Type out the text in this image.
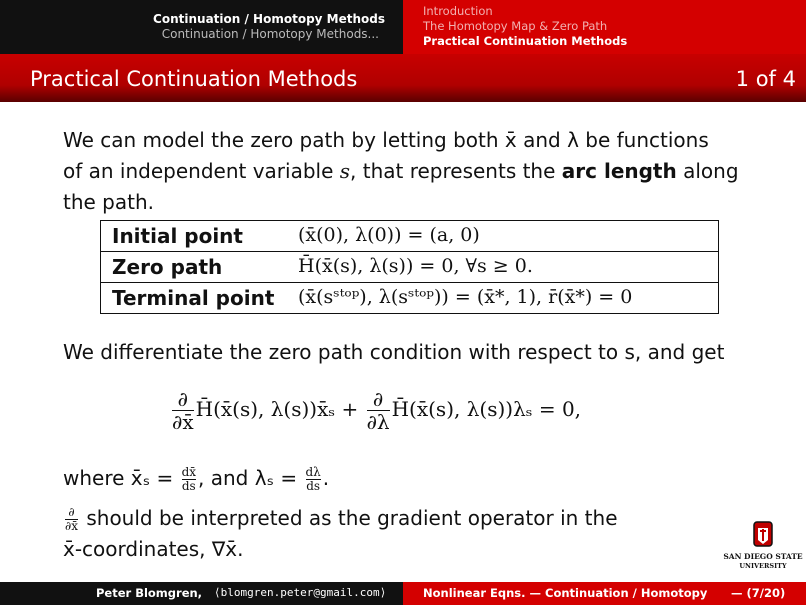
Continuation / Homotopy Methods
Continuation / Homotopy Methods...
Introduction
The Homotopy Map & Zero Path
Practical Continuation Methods
Practical Continuation Methods	1 of 4
We can model the zero path by letting both x̄ and λ be functions
of an independent variable s, that represents the arc length along
the path.
Initial point	(x̄(0), λ(0)) = (a, 0)
Zero path	H̄(x̄(s), λ(s)) = 0, ∀s ≥ 0.
Terminal point (x̄(sˢᵗᵒᵖ), λ(sˢᵗᵒᵖ)) = (x̄*, 1), r̄(x̄*) = 0
We differentiate the zero path condition with respect to s, and get
$\frac{\partial}{\partial x̄}$ H̄(x̄(s), λ(s))x̄ₛ + $\frac{\partial}{\partial\lambda}$ H̄(x̄(s), λ(s))λₛ = 0,
where x̄ₛ = $\frac{dx̄}{ds}$ , and $\lambda_s = \frac{d\lambda}{ds}$ .
$\frac{\partial}{\partial x̄}$ should be interpreted as the gradient operator in the
x̄-coordinates, ∇x̄.	SAN DIEGO STATE
UNIVERSITY
Peter Blomgren, ⟨blomgren.peter@gmail.com⟩	Nonlinear Eqns. — Continuation / Homotopy — (7/20)
